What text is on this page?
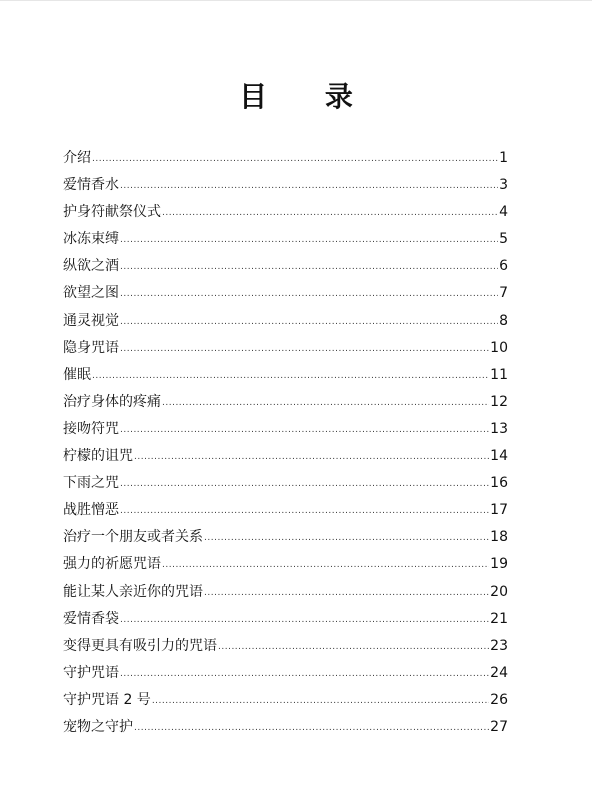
目 录
介绍 .....	1
爱情香水 .....	3
护身符献祭仪式 .....	4
冰冻束缚 .....	5
纵欲之酒 .....	6
欲望之图 .....	7
通灵视觉 .....	8
隐身咒语 .....	10
催眠 .....	11
治疗身体的疼痛 .....	12
接吻符咒 .....	13
柠檬的诅咒 .....	14
下雨之咒 .....	16
战胜憎恶 .....	17
治疗一个朋友或者关系 .....	18
强力的祈愿咒语 .....	19
能让某人亲近你的咒语 .....	20
爱情香袋 .....	21
变得更具有吸引力的咒语 .....	23
守护咒语 .....	24
守护咒语 2 号 .....	26
宠物之守护 .....	27
